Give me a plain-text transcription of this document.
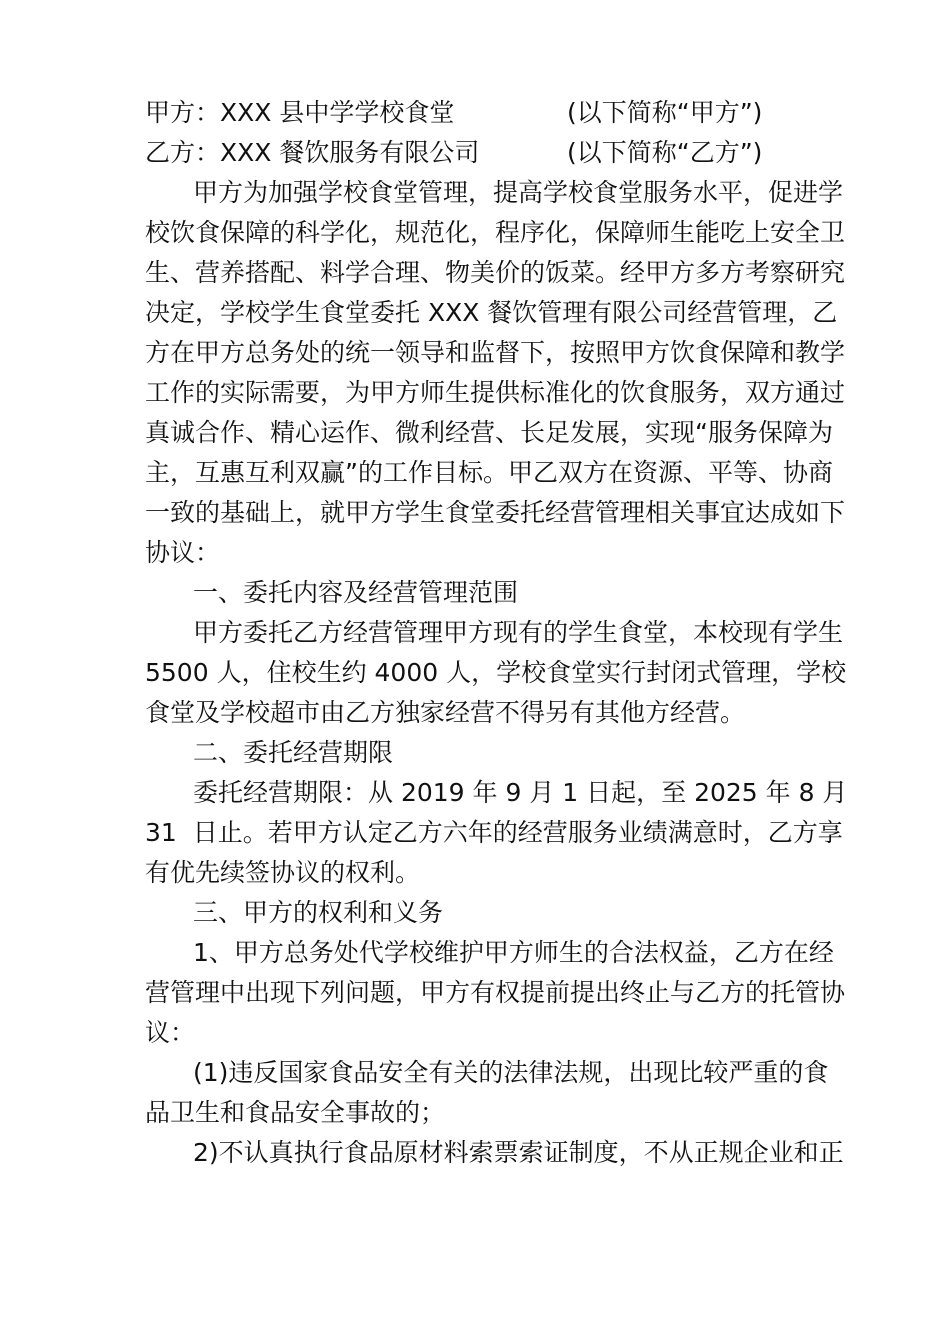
甲方：XXX 县中学学校食堂	(以下简称“甲方”)
乙方：XXX 餐饮服务有限公司	(以下简称“乙方”)
甲方为加强学校食堂管理，提高学校食堂服务水平，促进学
校饮食保障的科学化，规范化，程序化，保障师生能吃上安全卫
生、营养搭配、料学合理、物美价的饭菜。经甲方多方考察研究
决定，学校学生食堂委托 XXX 餐饮管理有限公司经营管理，乙
方在甲方总务处的统一领导和监督下，按照甲方饮食保障和教学
工作的实际需要，为甲方师生提供标准化的饮食服务，双方通过
真诚合作、精心运作、微利经营、长足发展，实现“服务保障为
主，互惠互利双赢”的工作目标。甲乙双方在资源、平等、协商
一致的基础上，就甲方学生食堂委托经营管理相关事宜达成如下
协议：
一、委托内容及经营管理范围
甲方委托乙方经营管理甲方现有的学生食堂，本校现有学生
5500 人，住校生约 4000 人，学校食堂实行封闭式管理，学校
食堂及学校超市由乙方独家经营不得另有其他方经营。
二、委托经营期限
委托经营期限：从 2019 年 9 月 1 日起，至 2025 年 8 月
31  日止。若甲方认定乙方六年的经营服务业绩满意时，乙方享
有优先续签协议的权利。
三、甲方的权利和义务
1、甲方总务处代学校维护甲方师生的合法权益，乙方在经
营管理中出现下列问题，甲方有权提前提出终止与乙方的托管协
议：
(1)违反国家食品安全有关的法律法规，出现比较严重的食
品卫生和食品安全事故的；
2)不认真执行食品原材料索票索证制度，不从正规企业和正
